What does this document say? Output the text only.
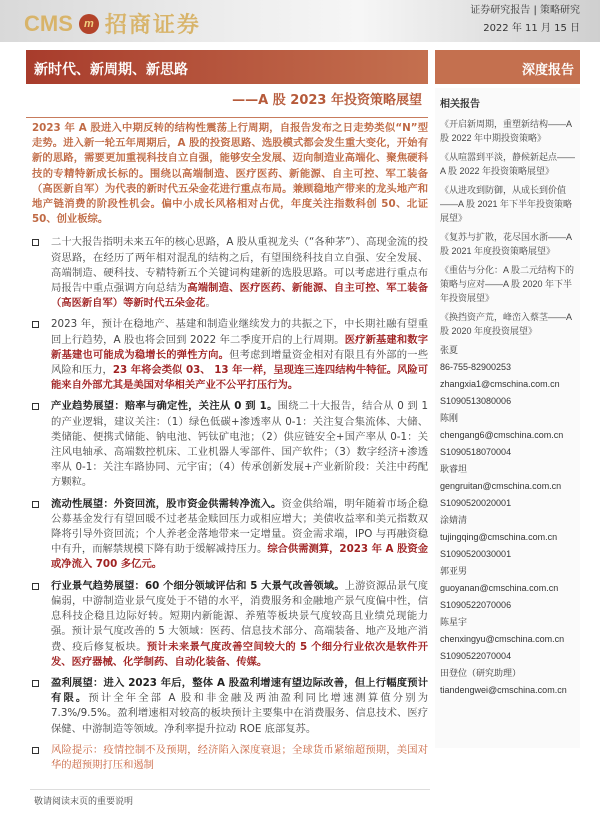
CMS	m 招商证券
证券研究报告 | 策略研究
2022 年 11 月 15 日
新时代、新周期、新思路
——A 股 2023 年投资策略展望
2023 年 A 股进入中期反转的结构性震荡上行周期，自报告发布之日走势类似“N”型走势。进入新一轮五年周期后，A 股的投资思路、选股模式都会发生重大变化，开始有新的思路，需要更加重视科技自立自强，能够安全发展、迈向制造业高端化、聚焦硬科技的专精特新成长标的。围绕以高端制造、医疗医药、新能源、自主可控、军工装备（高医新自军）为代表的新时代五朵金花进行重点布局。兼顾稳地产带来的龙头地产和地产链消费的阶段性机会。偏中小成长风格相对占优，年度关注指数科创 50、北证 50、创业板综。
二十大报告指明未来五年的核心思路，A 股从重视龙头（“各种茅”）、高现金流的投资思路，在经历了两年相对混乱的结构之后，有望围绕科技自立自强、安全发展、高端制造、硬科技、专精特新五个关键词构建新的选股思路。可以考虑进行重点布局报告中重点强调方向总结为高端制造、医疗医药、新能源、自主可控、军工装备（高医新自军）等新时代五朵金花。
2023 年，预计在稳地产、基建和制造业继续发力的共振之下，中长期社融有望重回上行趋势，A 股也将会回到 2022 年二季度开启的上行周期。医疗新基建和数字新基建也可能成为稳增长的弹性方向。但考虑到增量资金相对有限且有外部的一些风险和压力，23 年将会类似 03、 13 年一样，呈现连三连四结构牛特征。风险可能来自外部尤其是美国对华相关产业不公平打压行为。
产业趋势展望：赔率与确定性，关注从 0 到 1。围绕二十大报告，结合从 0 到 1 的产业逻辑，建议关注：（1）绿色低碳+渗透率从 0-1：关注复合集流体、大储、类储能、便携式储能、钠电池、钙钛矿电池；（2）供应链安全+国产率从 0-1：关注风电轴承、高端数控机床、工业机器人零部件、国产软件；（3）数字经济+渗透率从 0-1：关注车路协同、元宇宙；（4）传承创新发展+产业新阶段：关注中药配方颗粒。
流动性展望：外资回流，股市资金供需转净流入。资金供给端，明年随着市场企稳公募基金发行有望回暖不过老基金赎回压力或相应增大；美债收益率和美元指数双降将引导外资回流；个人养老金落地带来一定增量。资金需求端，IPO 与再融资稳中有升，而解禁规模下降有助于缓解减持压力。综合供需测算，2023 年 A 股资金或净流入 700 多亿元。
行业景气趋势展望：60 个细分领域评估和 5 大景气改善领域。上游资源品景气度偏弱，中游制造业景气度处于不错的水平，消费服务和金融地产景气度偏中性，信息科技企稳且边际好转。短期内新能源、养殖等板块景气度较高且业绩兑现能力强。预计景气度改善的 5 大领域：医药、信息技术部分、高端装备、地产及地产消费、疫后修复板块。预计未来景气度改善空间较大的 5 个细分行业依次是软件开发、医疗器械、化学制药、自动化装备、传媒。
盈利展望：进入 2023 年后，整体 A 股盈利增速有望边际改善，但上行幅度预计有限。预计全年全部 A 股和非金融及两油盈利同比增速测算值分别为 7.3%/9.5%。盈利增速相对较高的板块预计主要集中在消费服务、信息技术、医疗保健、中游制造等领域。净利率提升拉动 ROE 底部复苏。
风险提示：疫情控制不及预期，经济陷入深度衰退；全球货币紧缩超预期，美国对华的超预期打压和遏制
深度报告
相关报告
《开启新周期，重塑新结构——A 股 2022 年中期投资策略》
《从喧嚣到平淡，静候新起点——A 股 2022 年投资策略展望》
《从进攻到防御，从成长到价值——A 股 2021 年下半年投资策略展望》
《复苏与扩散，花尽国水浙——A 股 2021 年度投资策略展望》
《重估与分化：A 股二元结构下的策略与应对——A 股 2020 年下半年投资展望》
《换挡资产荒，峰峦入蔡茎——A 股 2020 年度投资展望》
张夏
86-755-82900253
zhangxia1@cmschina.com.cn
S1090513080006
陈刚
chengang6@cmschina.com.cn
S1090518070004
耿睿坦
gengruitan@cmschina.com.cn
S1090520020001
涂婧清
tujingqing@cmschina.com.cn
S1090520030001
郭亚男
guoyanan@cmschina.com.cn
S1090522070006
陈星宇
chenxingyu@cmschina.com.cn
S1090522070004
田登位（研究助理）
tiandengwei@cmschina.com.cn
敬请阅读末页的重要说明
